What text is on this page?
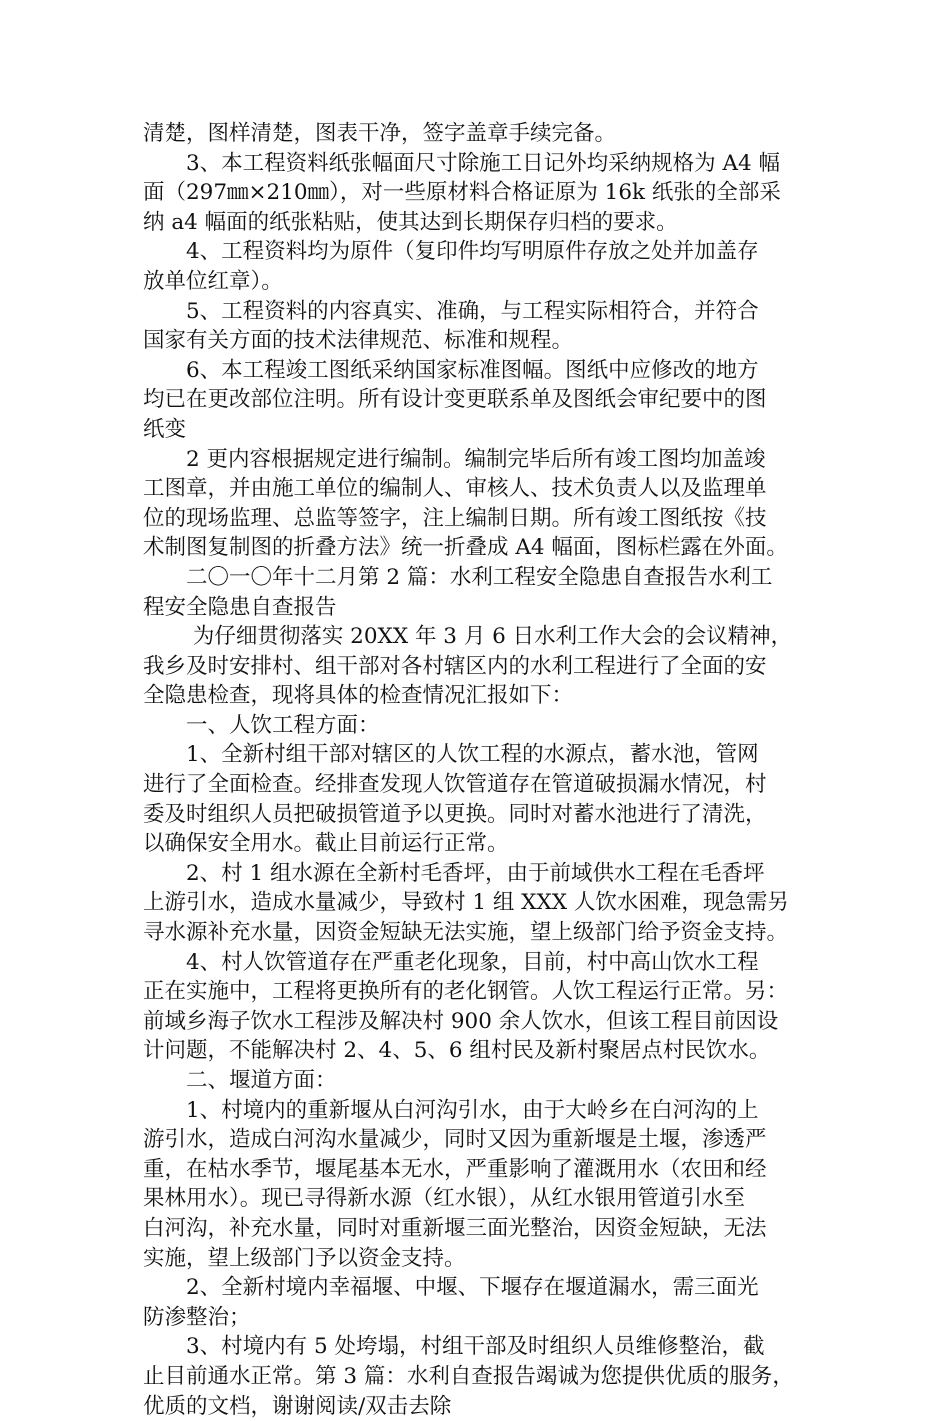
清楚，图样清楚，图表干净，签字盖章手续完备。
　　3、本工程资料纸张幅面尺寸除施工日记外均采纳规格为 A4 幅
面（297㎜×210㎜），对一些原材料合格证原为 16k 纸张的全部采
纳 a4 幅面的纸张粘贴，使其达到长期保存归档的要求。
　　4、工程资料均为原件（复印件均写明原件存放之处并加盖存
放单位红章）。
　　5、工程资料的内容真实、准确，与工程实际相符合，并符合
国家有关方面的技术法律规范、标准和规程。
　　6、本工程竣工图纸采纳国家标准图幅。图纸中应修改的地方
均已在更改部位注明。所有设计变更联系单及图纸会审纪要中的图
纸变
　　2 更内容根据规定进行编制。编制完毕后所有竣工图均加盖竣
工图章，并由施工单位的编制人、审核人、技术负责人以及监理单
位的现场监理、总监等签字，注上编制日期。所有竣工图纸按《技
术制图复制图的折叠方法》统一折叠成 A4 幅面，图标栏露在外面。
　　二〇一〇年十二月第 2 篇：水利工程安全隐患自查报告水利工
程安全隐患自查报告
　　 为仔细贯彻落实 20XX 年 3 月 6 日水利工作大会的会议精神，
我乡及时安排村、组干部对各村辖区内的水利工程进行了全面的安
全隐患检查，现将具体的检查情况汇报如下：
　　一、人饮工程方面：
　　1、全新村组干部对辖区的人饮工程的水源点，蓄水池，管网
进行了全面检查。经排查发现人饮管道存在管道破损漏水情况，村
委及时组织人员把破损管道予以更换。同时对蓄水池进行了清洗，
以确保安全用水。截止目前运行正常。
　　2、村 1 组水源在全新村毛香坪，由于前域供水工程在毛香坪
上游引水，造成水量减少，导致村 1 组 XXX 人饮水困难，现急需另
寻水源补充水量，因资金短缺无法实施，望上级部门给予资金支持。
　　4、村人饮管道存在严重老化现象，目前，村中高山饮水工程
正在实施中，工程将更换所有的老化钢管。人饮工程运行正常。另：
前域乡海子饮水工程涉及解决村 900 余人饮水，但该工程目前因设
计问题，不能解决村 2、4、5、6 组村民及新村聚居点村民饮水。
　　二、堰道方面：
　　1、村境内的重新堰从白河沟引水，由于大岭乡在白河沟的上
游引水，造成白河沟水量减少，同时又因为重新堰是土堰，渗透严
重，在枯水季节，堰尾基本无水，严重影响了灌溉用水（农田和经
果林用水）。现已寻得新水源（红水银），从红水银用管道引水至
白河沟，补充水量，同时对重新堰三面光整治，因资金短缺，无法
实施，望上级部门予以资金支持。
　　2、全新村境内幸福堰、中堰、下堰存在堰道漏水，需三面光
防渗整治；
　　3、村境内有 5 处垮塌，村组干部及时组织人员维修整治，截
止目前通水正常。第 3 篇：水利自查报告竭诚为您提供优质的服务，
优质的文档，谢谢阅读/双击去除
